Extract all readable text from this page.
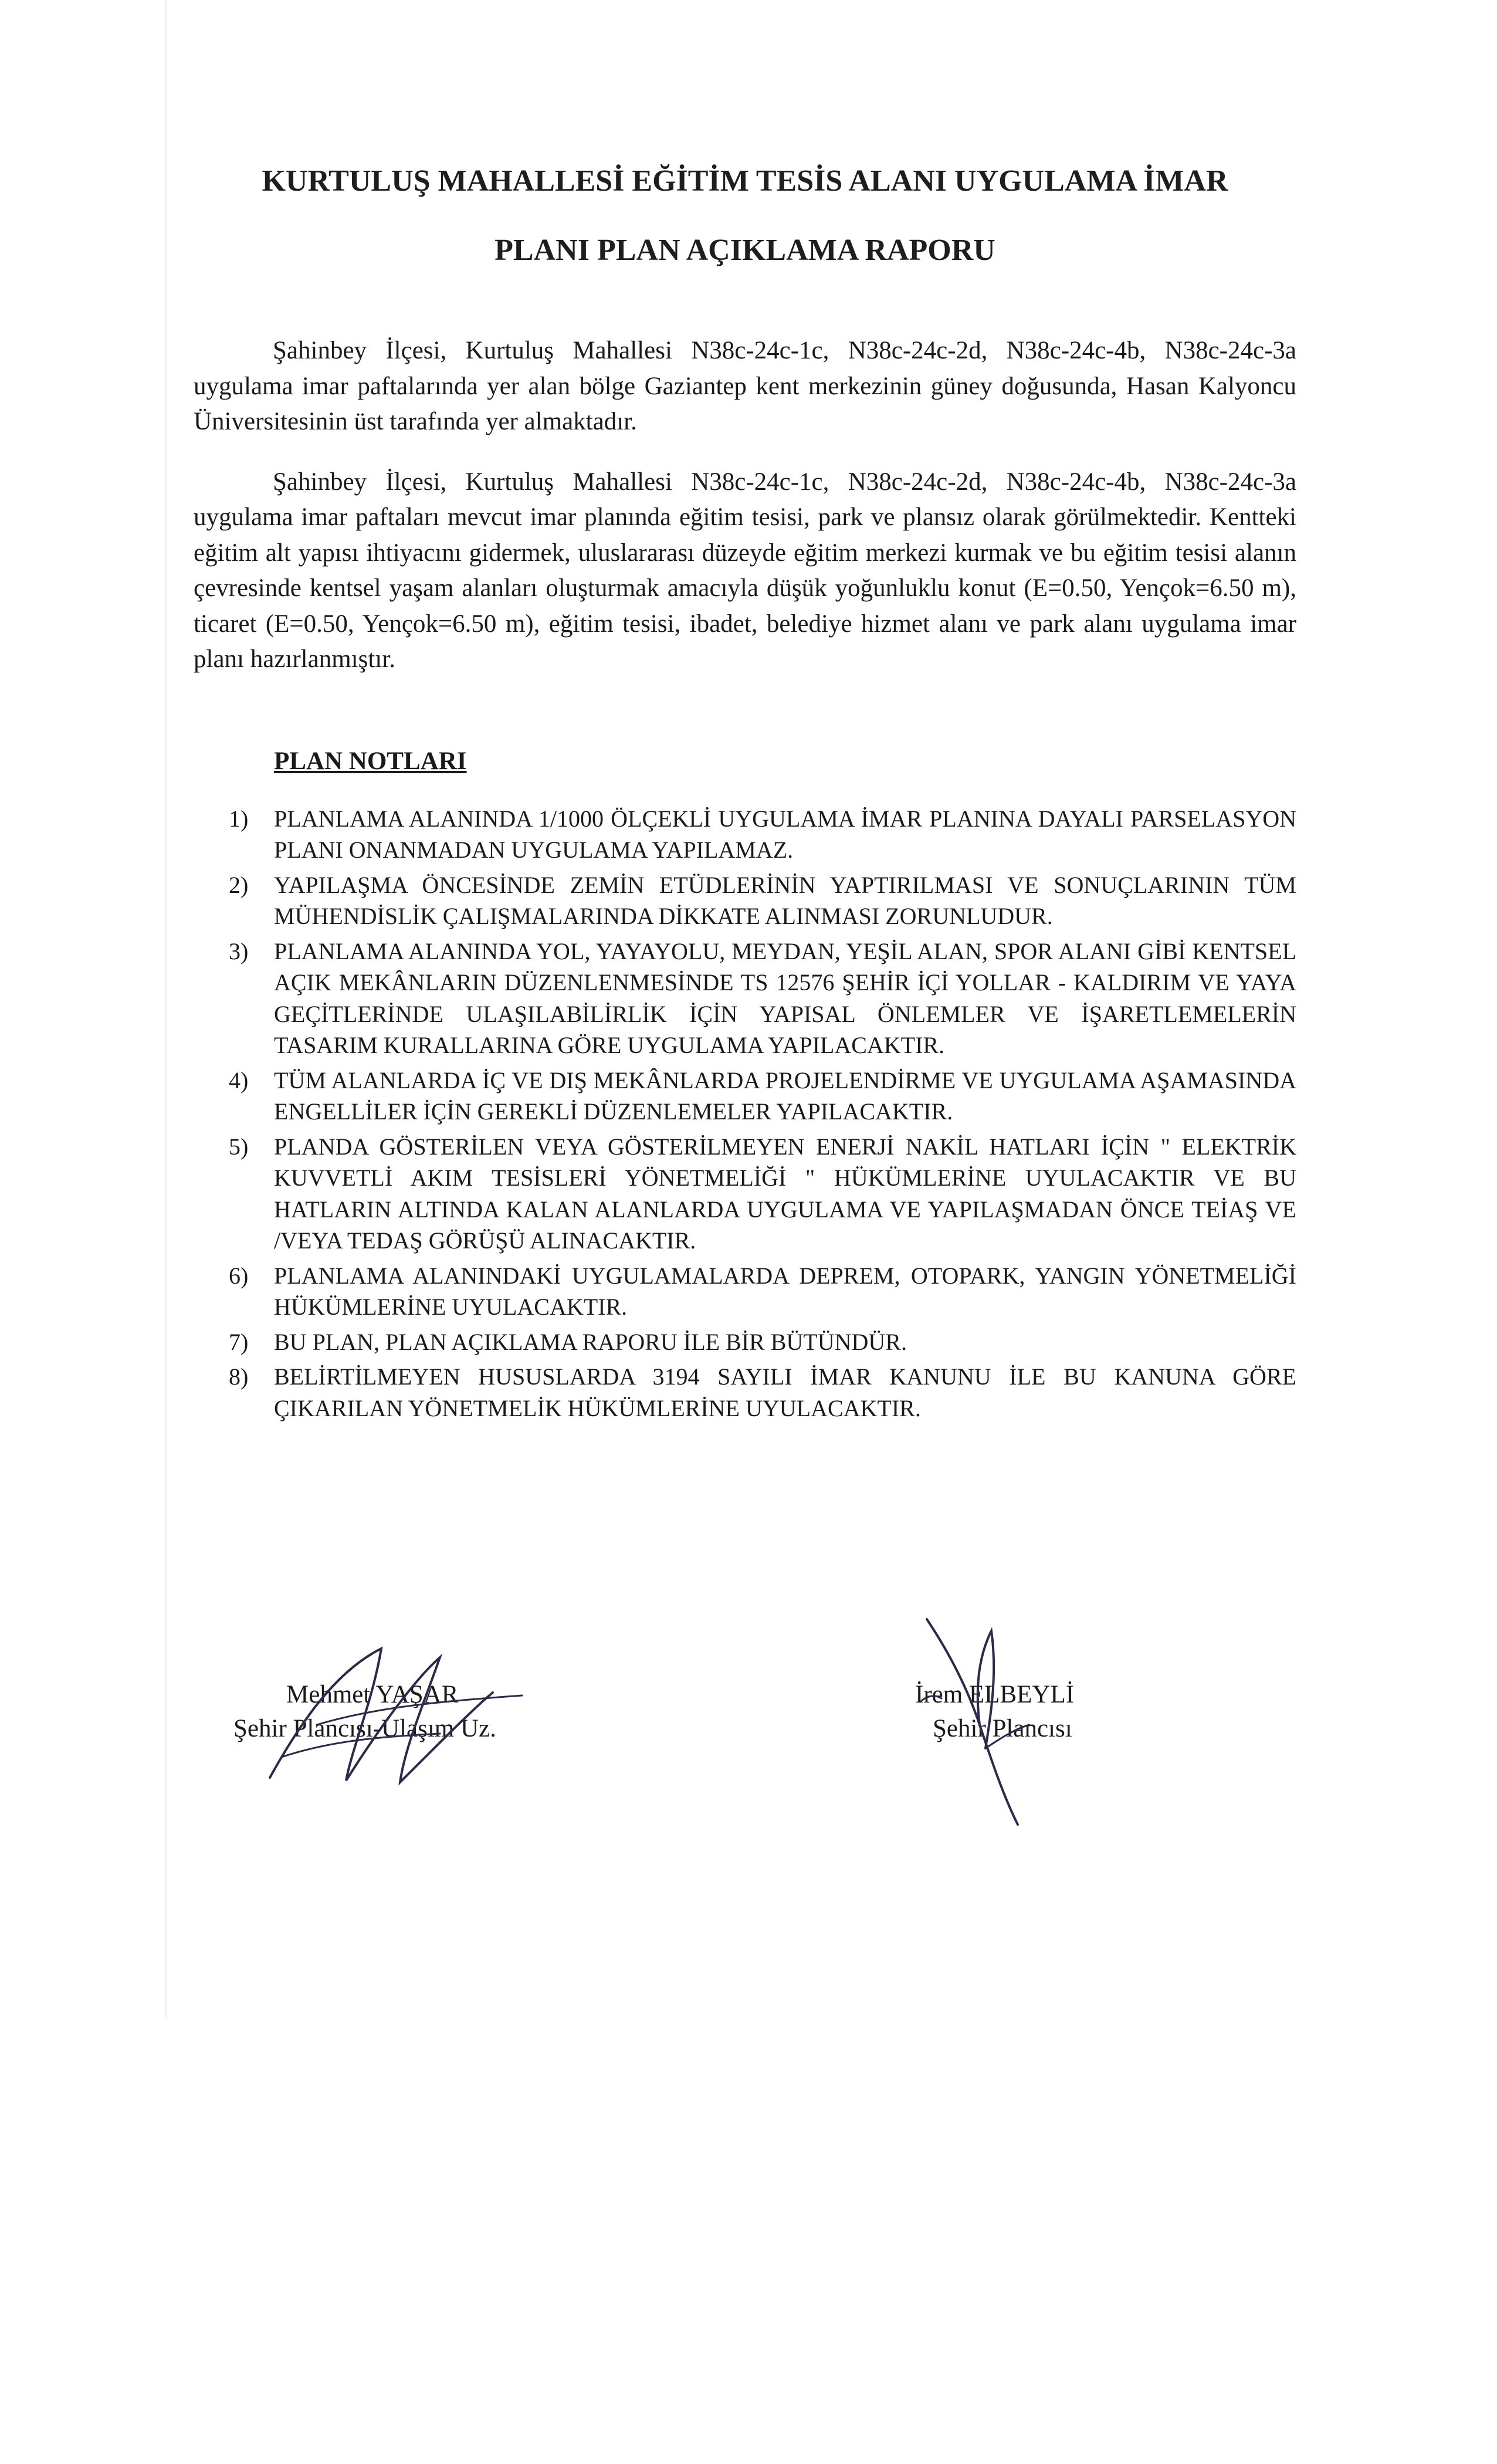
KURTULUŞ MAHALLESİ EĞİTİM TESİS ALANI UYGULAMA İMAR
PLANI PLAN AÇIKLAMA RAPORU

Şahinbey İlçesi, Kurtuluş Mahallesi N38c-24c-1c, N38c-24c-2d, N38c-24c-4b, N38c-24c-3a uygulama imar paftalarında yer alan bölge Gaziantep kent merkezinin güney doğusunda, Hasan Kalyoncu Üniversitesinin üst tarafında yer almaktadır.

Şahinbey İlçesi, Kurtuluş Mahallesi N38c-24c-1c, N38c-24c-2d, N38c-24c-4b, N38c-24c-3a uygulama imar paftaları mevcut imar planında eğitim tesisi, park ve plansız olarak görülmektedir. Kentteki eğitim alt yapısı ihtiyacını gidermek, uluslararası düzeyde eğitim merkezi kurmak ve bu eğitim tesisi alanın çevresinde kentsel yaşam alanları oluşturmak amacıyla düşük yoğunluklu konut (E=0.50, Yençok=6.50 m), ticaret (E=0.50, Yençok=6.50 m), eğitim tesisi, ibadet, belediye hizmet alanı ve park alanı uygulama imar planı hazırlanmıştır.

PLAN NOTLARI
1) PLANLAMA ALANINDA 1/1000 ÖLÇEKLİ UYGULAMA İMAR PLANINA DAYALI PARSELASYON PLANI ONANMADAN UYGULAMA YAPILAMAZ.
2) YAPILAŞMA ÖNCESİNDE ZEMİN ETÜDLERİNİN YAPTIRILMASI VE SONUÇLARININ TÜM MÜHENDİSLİK ÇALIŞMALARINDA DİKKATE ALINMASI ZORUNLUDUR.
3) PLANLAMA ALANINDA YOL, YAYAYOLU, MEYDAN, YEŞİL ALAN, SPOR ALANI GİBİ KENTSEL AÇIK MEKÂNLARIN DÜZENLENMESİNDE TS 12576 ŞEHİR İÇİ YOLLAR - KALDIRIM VE YAYA GEÇİTLERİNDE ULAŞILABİLİRLİK İÇİN YAPISAL ÖNLEMLER VE İŞARETLEMELERİN TASARIM KURALLARINA GÖRE UYGULAMA YAPILACAKTIR.
4) TÜM ALANLARDA İÇ VE DIŞ MEKÂNLARDA PROJELENDİRME VE UYGULAMA AŞAMASINDA ENGELLİLER İÇİN GEREKLİ DÜZENLEMELER YAPILACAKTIR.
5) PLANDA GÖSTERİLEN VEYA GÖSTERİLMEYEN ENERJİ NAKİL HATLARI İÇİN " ELEKTRİK KUVVETLİ AKIM TESİSLERİ YÖNETMELİĞİ " HÜKÜMLERİNE UYULACAKTIR VE BU HATLARIN ALTINDA KALAN ALANLARDA UYGULAMA VE YAPILAŞMADAN ÖNCE TEİAŞ VE /VEYA TEDAŞ GÖRÜŞÜ ALINACAKTIR.
6) PLANLAMA ALANINDAKİ UYGULAMALARDA DEPREM, OTOPARK, YANGIN YÖNETMELİĞİ HÜKÜMLERİNE UYULACAKTIR.
7) BU PLAN, PLAN AÇIKLAMA RAPORU İLE BİR BÜTÜNDÜR.
8) BELİRTİLMEYEN HUSUSLARDA 3194 SAYILI İMAR KANUNU İLE BU KANUNA GÖRE ÇIKARILAN YÖNETMELİK HÜKÜMLERİNE UYULACAKTIR.
Mehmet YAŞAR
Şehir Plancısı-Ulaşım Uz.
İrem ELBEYLİ
Şehir Plancısı
